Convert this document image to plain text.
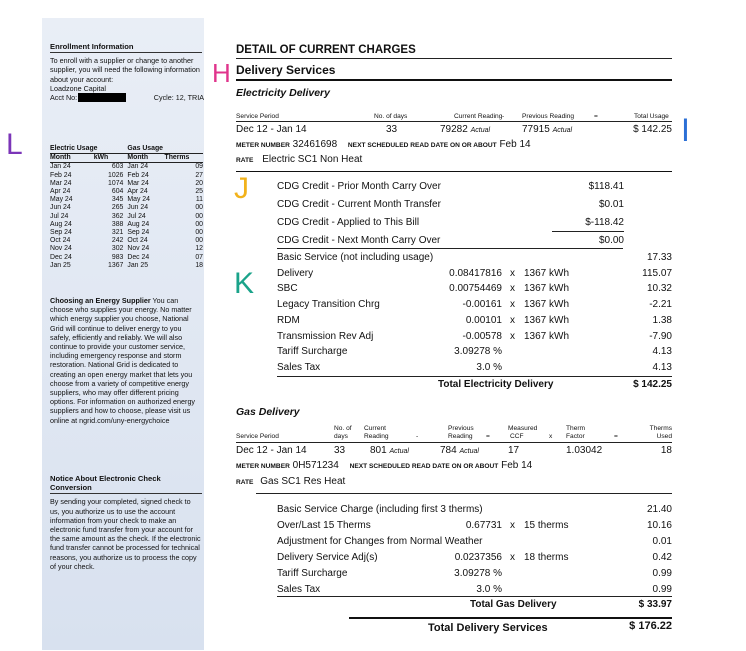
Enrollment Information
To enroll with a supplier or change to another supplier, you will need the following information about your account:
Loadzone Capital
Acct No:	Cycle: 12, TRIA
Electric Usage		Gas Usage	
Month	kWh	Month	Therms
Jan 24	603	Jan 24	09
Feb 24	1026	Feb 24	27
Mar 24	1074	Mar 24	20
Apr 24	604	Apr 24	25
May 24	345	May 24	11
Jun 24	265	Jun 24	00
Jul 24	362	Jul 24	00
Aug 24	388	Aug 24	00
Sep 24	321	Sep 24	00
Oct 24	242	Oct 24	00
Nov 24	302	Nov 24	12
Dec 24	983	Dec 24	07
Jan 25	1367	Jan 25	18
Choosing an Energy Supplier You can choose who supplies your energy. No matter which energy supplier you choose, National Grid will continue to deliver energy to you safely, efficiently and reliably. We will also continue to provide your customer service, including emergency response and storm restoration. National Grid is dedicated to creating an open energy market that lets you choose from a variety of competitive energy suppliers, who may offer different pricing options. For information on authorized energy suppliers and how to choose, please visit us online at ngrid.com/uny-energychoice
Notice About Electronic Check Conversion
By sending your completed, signed check to us, you authorize us to use the account information from your check to make an electronic fund transfer from your account for the same amount as the check. If the electronic fund transfer cannot be processed for technical reasons, you authorize us to process the copy of your check.
L
H
J
K
I
DETAIL OF CURRENT CHARGES
Delivery Services
Electricity Delivery
Service Period	No. of days	Current Reading -	Previous Reading	=	Total Usage
Dec 12 - Jan 14	33	79282 Actual	77915 Actual	$ 142.25
METER NUMBER 32461698 NEXT SCHEDULED READ DATE ON OR ABOUT Feb 14
RATE Electric SC1 Non Heat
CDG Credit - Prior Month Carry Over	$118.41
CDG Credit - Current Month Transfer	$0.01
CDG Credit - Applied to This Bill	$-118.42
CDG Credit - Next Month Carry Over	$0.00
Basic Service (not including usage)	17.33
Delivery	0.08417816 x 1367 kWh	115.07
SBC	0.00754469 x 1367 kWh	10.32
Legacy Transition Chrg	-0.00161 x 1367 kWh	-2.21
RDM	0.00101 x 1367 kWh	1.38
Transmission Rev Adj	-0.00578 x 1367 kWh	-7.90
Tariff Surcharge	3.09278 %	4.13
Sales Tax	3.0 %	4.13
Total Electricity Delivery	$ 142.25
Gas Delivery
No. of Current	Previous	Measured	Therm	Therms
Service Period	days Reading	-	Reading =	CCF	x Factor	=	Used
Dec 12 - Jan 14	33 801 Actual	784 Actual	17	1.03042	18
METER NUMBER 0H571234 NEXT SCHEDULED READ DATE ON OR ABOUT Feb 14
RATE Gas SC1 Res Heat
Basic Service Charge (including first 3 therms)	21.40
Over/Last 15 Therms	0.67731 x 15 therms	10.16
Adjustment for Changes from Normal Weather	0.01
Delivery Service Adj(s)	0.0237356 x 18 therms	0.42
Tariff Surcharge	3.09278 %	0.99
Sales Tax	3.0 %	0.99
Total Gas Delivery	$ 33.97
Total Delivery Services	$ 176.22
